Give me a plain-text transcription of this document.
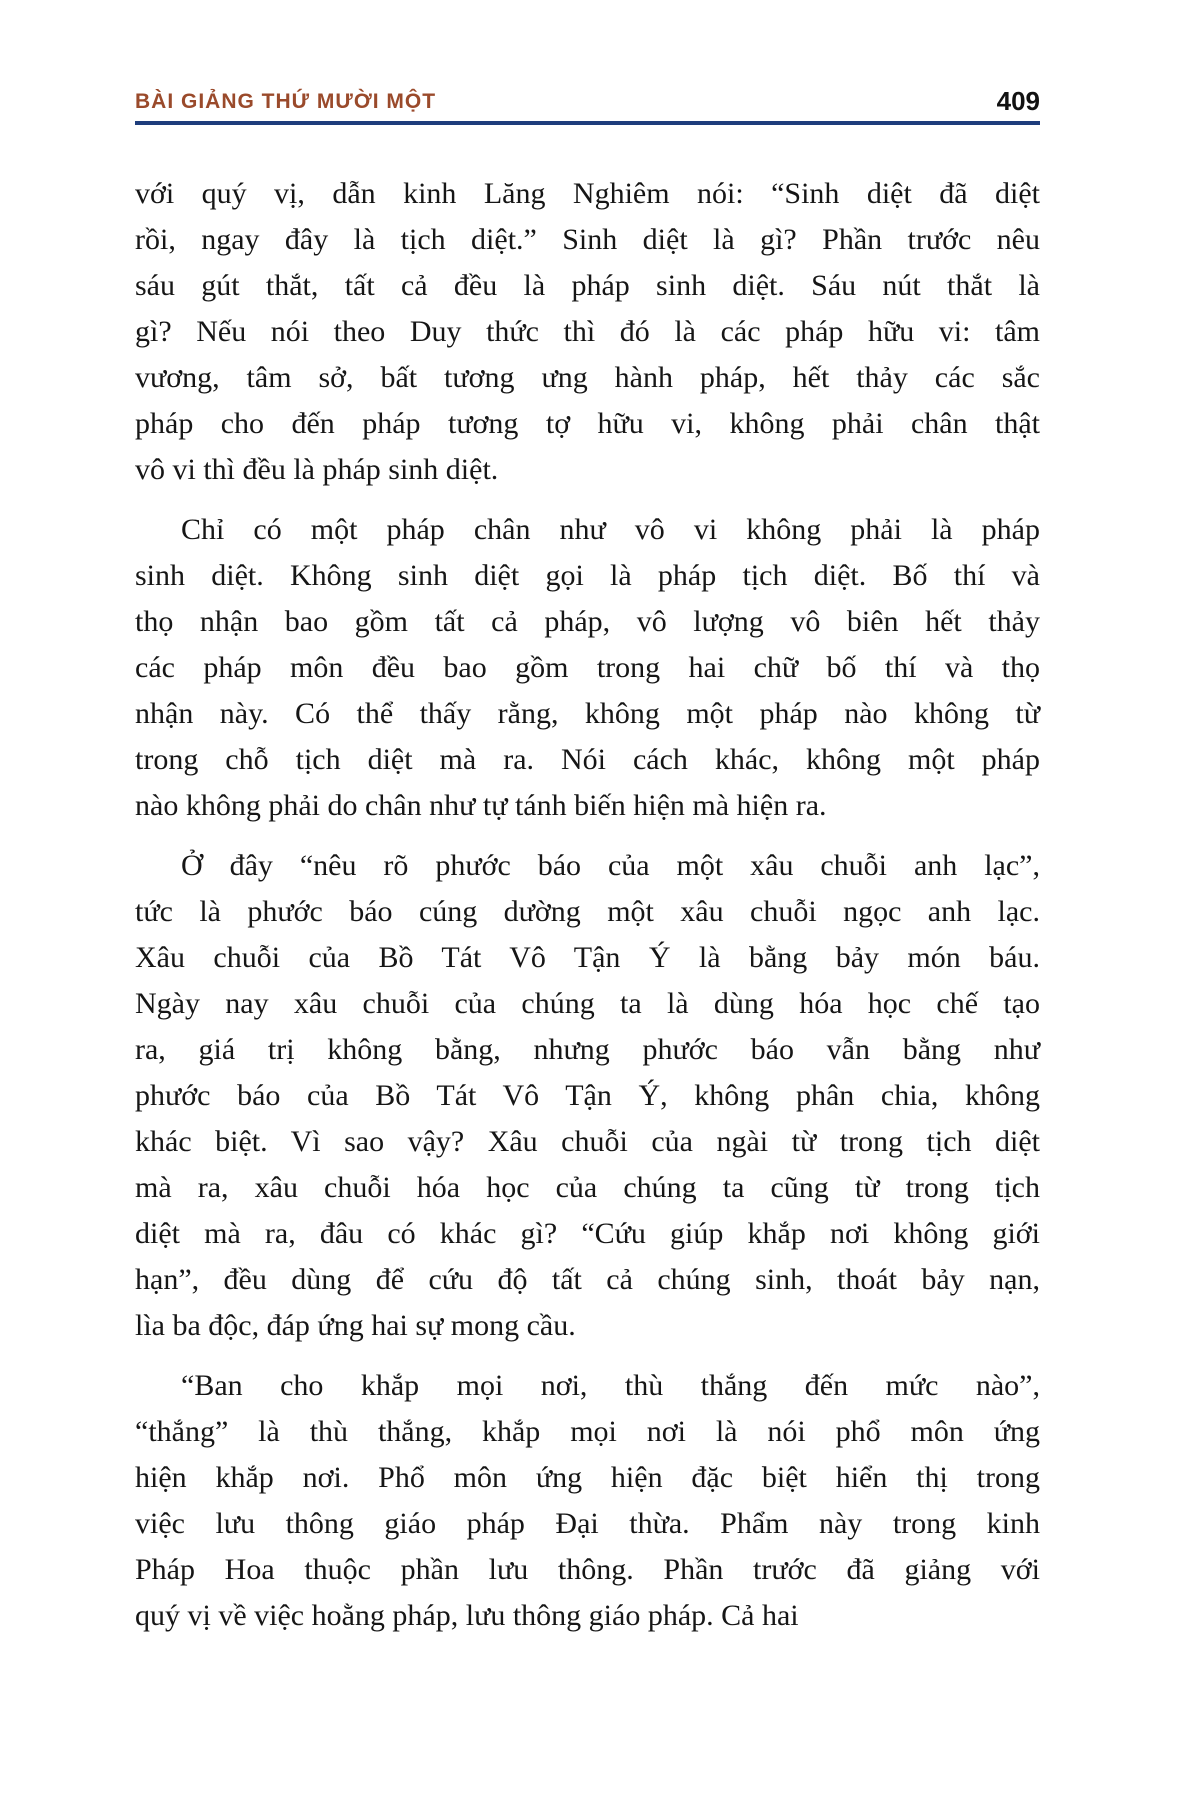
BÀI GIẢNG THỨ MƯỜI MỘT	409
với quý vị, dẫn kinh Lăng Nghiêm nói: “Sinh diệt đã diệt
rồi, ngay đây là tịch diệt.” Sinh diệt là gì? Phần trước nêu
sáu gút thắt, tất cả đều là pháp sinh diệt. Sáu nút thắt là
gì? Nếu nói theo Duy thức thì đó là các pháp hữu vi: tâm
vương, tâm sở, bất tương ưng hành pháp, hết thảy các sắc
pháp cho đến pháp tương tợ hữu vi, không phải chân thật
vô vi thì đều là pháp sinh diệt.
Chỉ có một pháp chân như vô vi không phải là pháp
sinh diệt. Không sinh diệt gọi là pháp tịch diệt. Bố thí và
thọ nhận bao gồm tất cả pháp, vô lượng vô biên hết thảy
các pháp môn đều bao gồm trong hai chữ bố thí và thọ
nhận này. Có thể thấy rằng, không một pháp nào không từ
trong chỗ tịch diệt mà ra. Nói cách khác, không một pháp
nào không phải do chân như tự tánh biến hiện mà hiện ra.
Ở đây “nêu rõ phước báo của một xâu chuỗi anh lạc”,
tức là phước báo cúng dường một xâu chuỗi ngọc anh lạc.
Xâu chuỗi của Bồ Tát Vô Tận Ý là bằng bảy món báu.
Ngày nay xâu chuỗi của chúng ta là dùng hóa học chế tạo
ra, giá trị không bằng, nhưng phước báo vẫn bằng như
phước báo của Bồ Tát Vô Tận Ý, không phân chia, không
khác biệt. Vì sao vậy? Xâu chuỗi của ngài từ trong tịch diệt
mà ra, xâu chuỗi hóa học của chúng ta cũng từ trong tịch
diệt mà ra, đâu có khác gì? “Cứu giúp khắp nơi không giới
hạn”, đều dùng để cứu độ tất cả chúng sinh, thoát bảy nạn,
lìa ba độc, đáp ứng hai sự mong cầu.
“Ban cho khắp mọi nơi, thù thắng đến mức nào”,
“thắng” là thù thắng, khắp mọi nơi là nói phổ môn ứng
hiện khắp nơi. Phổ môn ứng hiện đặc biệt hiển thị trong
việc lưu thông giáo pháp Đại thừa. Phẩm này trong kinh
Pháp Hoa thuộc phần lưu thông. Phần trước đã giảng với
quý vị về việc hoằng pháp, lưu thông giáo pháp. Cả hai
